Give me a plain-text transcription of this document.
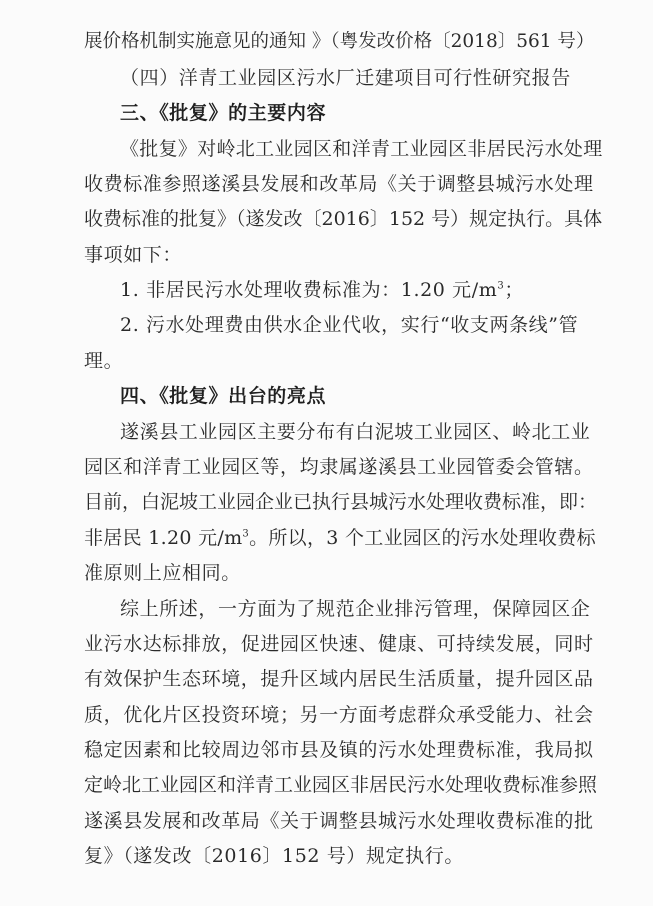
展价格机制实施意见的通知 》（粤发改价格〔2018〕561 号）
（四）洋青工业园区污水厂迁建项目可行性研究报告
三、《批复》的主要内容
《批复》对岭北工业园区和洋青工业园区非居民污水处理
收费标准参照遂溪县发展和改革局《关于调整县城污水处理
收费标准的批复》（遂发改〔2016〕152 号）规定执行。具体
事项如下：
1. 非居民污水处理收费标准为：1.20 元$/m^3$；
2. 污水处理费由供水企业代收，实行“收支两条线”管
理。
四、《批复》出台的亮点
遂溪县工业园区主要分布有白泥坡工业园区、岭北工业
园区和洋青工业园区等，均隶属遂溪县工业园管委会管辖。
目前，白泥坡工业园企业已执行县城污水处理收费标准，即：
非居民 1.20 元$/m^3$。所以，3 个工业园区的污水处理收费标
准原则上应相同。
综上所述，一方面为了规范企业排污管理，保障园区企
业污水达标排放，促进园区快速、健康、可持续发展，同时
有效保护生态环境，提升区域内居民生活质量，提升园区品
质，优化片区投资环境；另一方面考虑群众承受能力、社会
稳定因素和比较周边邻市县及镇的污水处理费标准，我局拟
定岭北工业园区和洋青工业园区非居民污水处理收费标准参照
遂溪县发展和改革局《关于调整县城污水处理收费标准的批
复》（遂发改〔2016〕152 号）规定执行。
